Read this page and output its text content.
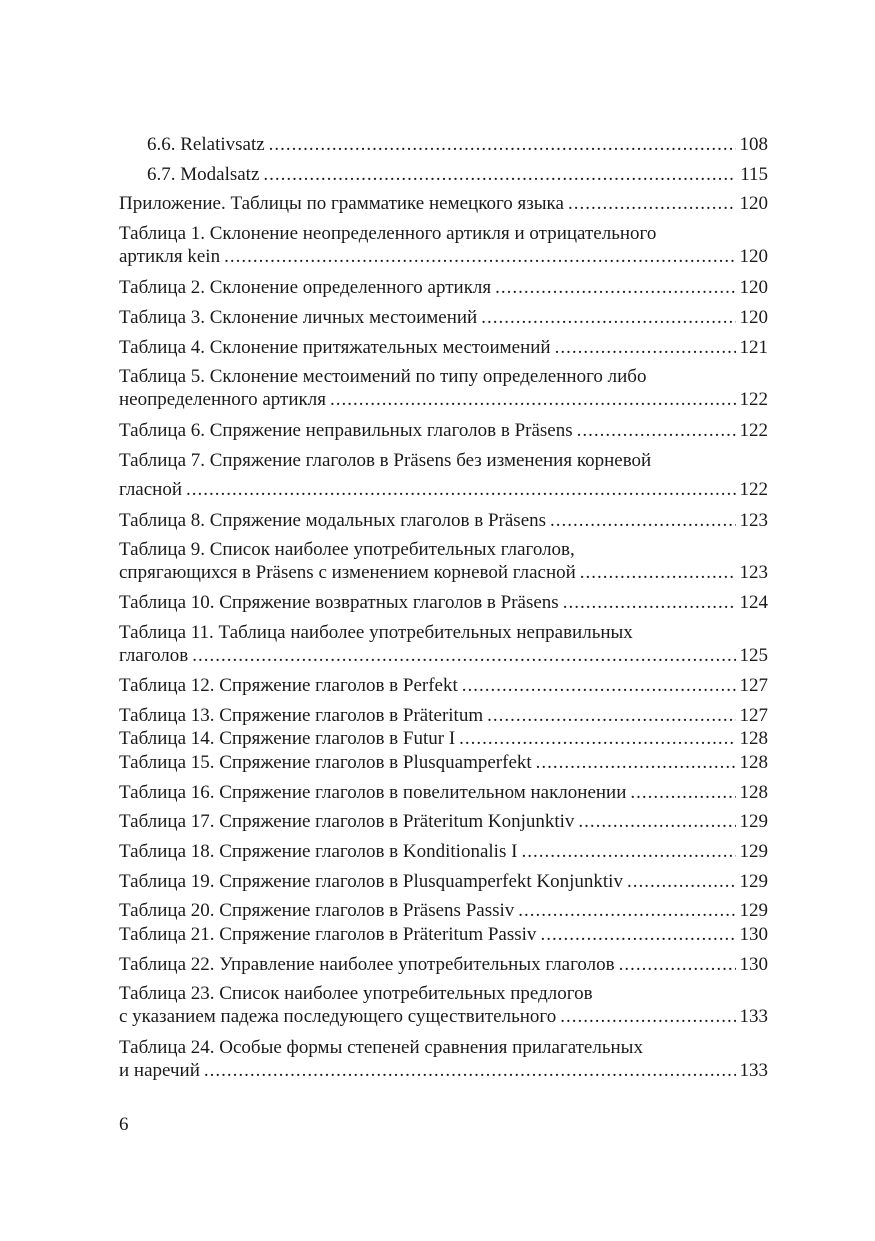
6.6. Relativsatz .....	108
6.7. Modalsatz .....	115
Приложение. Таблицы по грамматике немецкого языка .....	120
Таблица 1. Склонение неопределенного артикля и отрицательного
артикля kein .....	120
Таблица 2. Склонение определенного артикля .....	120
Таблица 3. Склонение личных местоимений .....	120
Таблица 4. Склонение притяжательных местоимений .....	121
Таблица 5. Склонение местоимений по типу определенного либо
неопределенного артикля .....	122
Таблица 6. Спряжение неправильных глаголов в Präsens .....	122
Таблица 7. Спряжение глаголов в Präsens без изменения корневой
гласной .....	122
Таблица 8. Спряжение модальных глаголов в Präsens .....	123
Таблица 9. Список наиболее употребительных глаголов,
спрягающихся в Präsens с изменением корневой гласной .....	123
Таблица 10. Спряжение возвратных глаголов в Präsens .....	124
Таблица 11. Таблица наиболее употребительных неправильных
глаголов .....	125
Таблица 12. Спряжение глаголов в Perfekt .....	127
Таблица 13. Спряжение глаголов в Präteritum .....	127
Таблица 14. Спряжение глаголов в Futur I .....	128
Таблица 15. Спряжение глаголов в Plusquamperfekt .....	128
Таблица 16. Спряжение глаголов в повелительном наклонении .....	128
Таблица 17. Спряжение глаголов в Präteritum Konjunktiv .....	129
Таблица 18. Спряжение глаголов в Konditionalis I .....	129
Таблица 19. Спряжение глаголов в Plusquamperfekt Konjunktiv .....	129
Таблица 20. Спряжение глаголов в Präsens Passiv .....	129
Таблица 21. Спряжение глаголов в Präteritum Passiv .....	130
Таблица 22. Управление наиболее употребительных глаголов .....	130
Таблица 23. Список наиболее употребительных предлогов
с указанием падежа последующего существительного .....	133
Таблица 24. Особые формы степеней сравнения прилагательных
и наречий .....	133
6
